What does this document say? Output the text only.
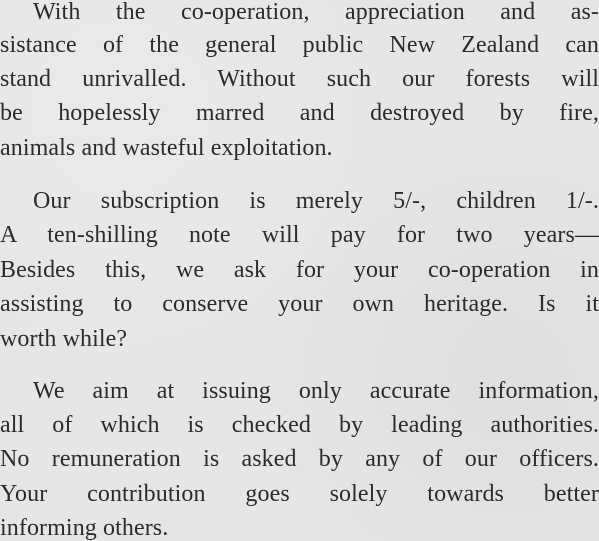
With the co-operation, appreciation and as-

sistance of the general public New Zealand can

stand unrivalled. Without such our forests will

be hopelessly marred and destroyed by fire,

animals and wasteful exploitation.

Our subscription is merely 5/-, children 1/-.

A ten-shilling note will pay for two years—

Besides this, we ask for your co-operation in

assisting to conserve your own heritage. Is it

worth while?

We aim at issuing only accurate information,

all of which is checked by leading authorities.

No remuneration is asked by any of our officers.

Your contribution goes solely towards better

informing others.
